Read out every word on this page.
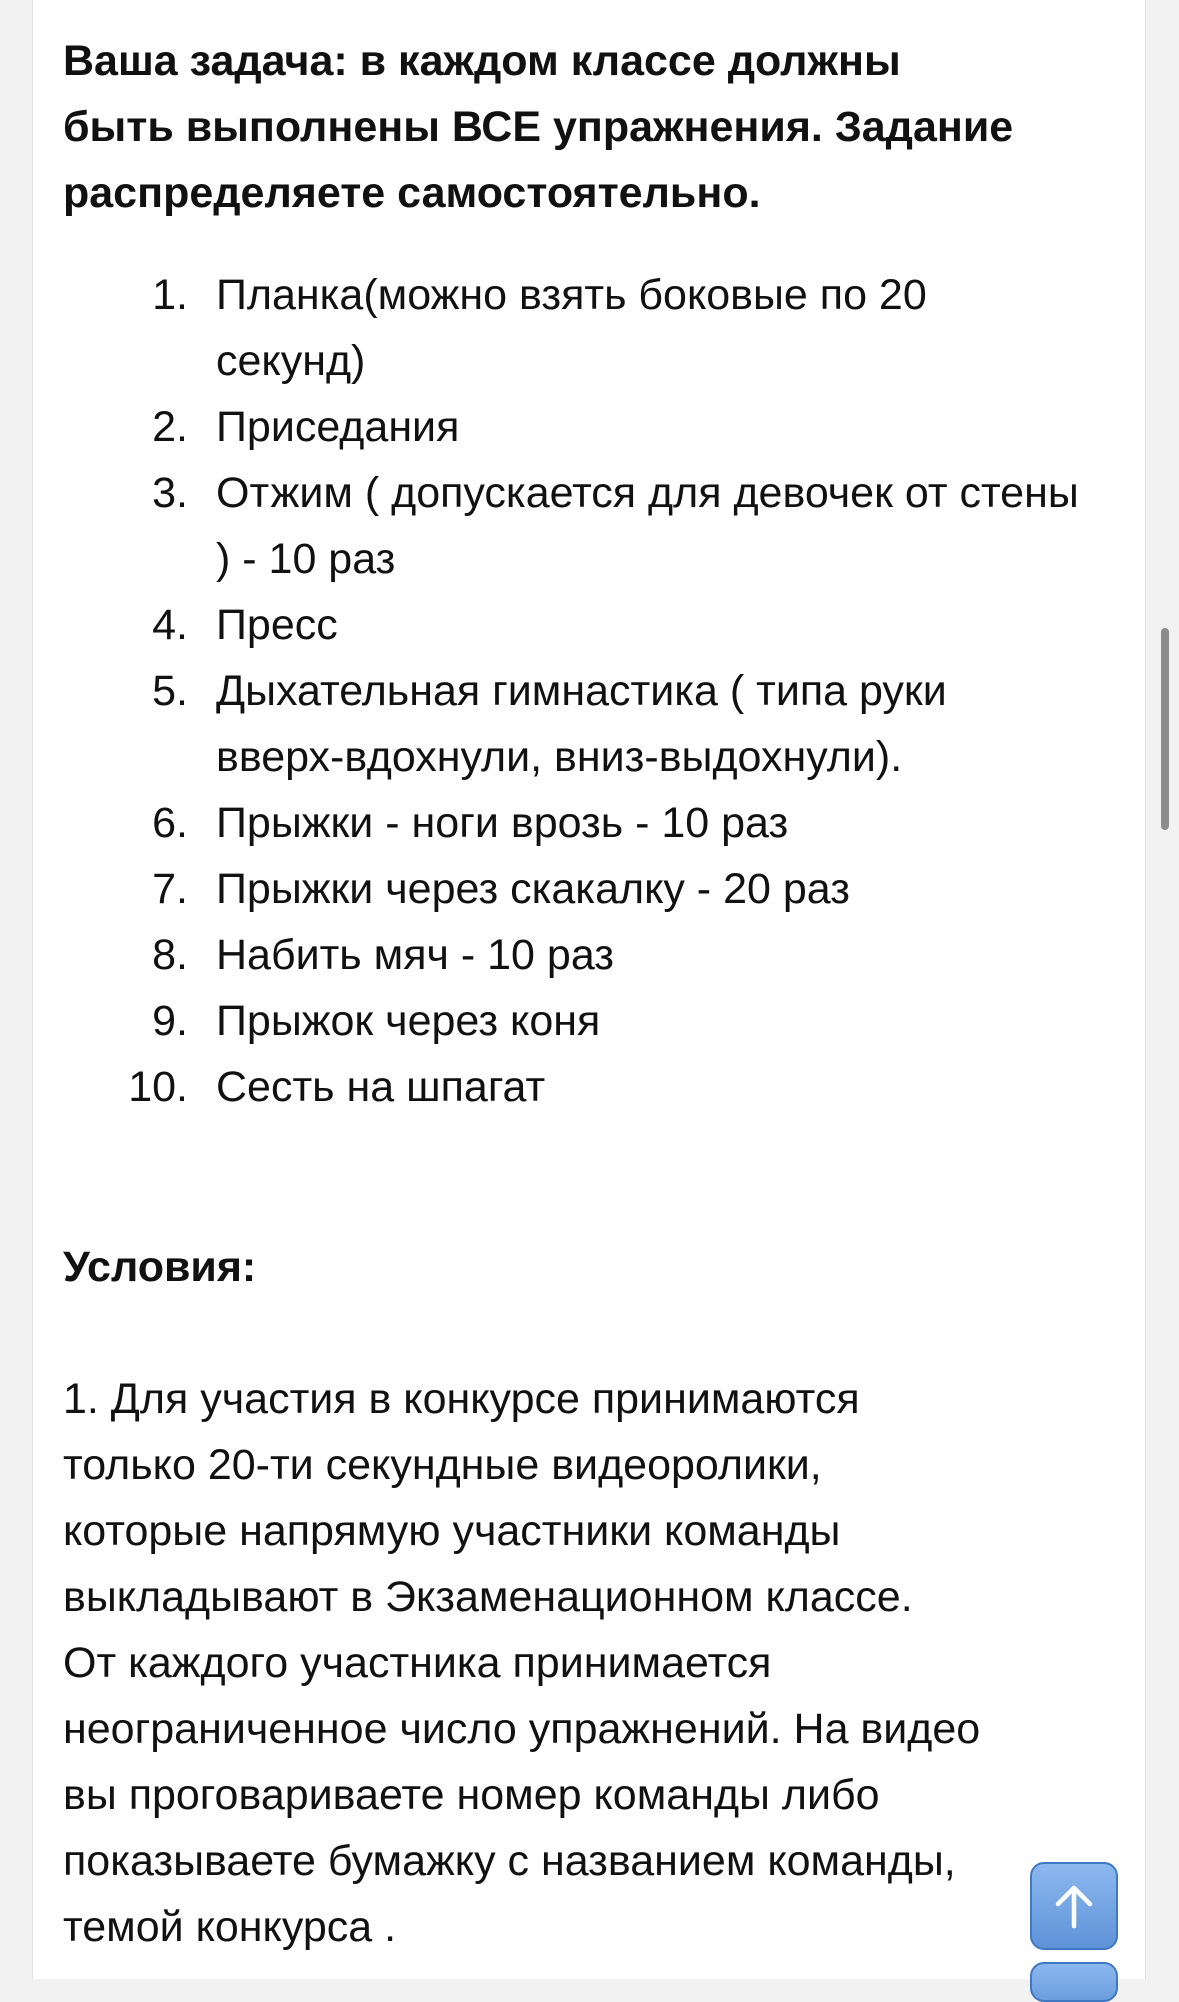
Ваша задача: в каждом классе должны
быть выполнены ВСЕ упражнения. Задание
распределяете самостоятельно.

1. Планка(можно взять боковые по 20 секунд)
2. Приседания
3. Отжим ( допускается для девочек от стены ) - 10 раз
4. Пресс
5. Дыхательная гимнастика ( типа руки вверх-вдохнули, вниз-выдохнули).
6. Прыжки - ноги врозь - 10 раз
7. Прыжки через скакалку - 20 раз
8. Набить мяч - 10 раз
9. Прыжок через коня
10. Сесть на шпагат
Условия:
1. Для участия в конкурсе принимаются
только 20-ти секундные видеоролики,
которые напрямую участники команды
выкладывают в Экзаменационном классе.
От каждого участника принимается
неограниченное число упражнений. На видео
вы проговариваете номер команды либо
показываете бумажку с названием команды,
темой конкурса .
